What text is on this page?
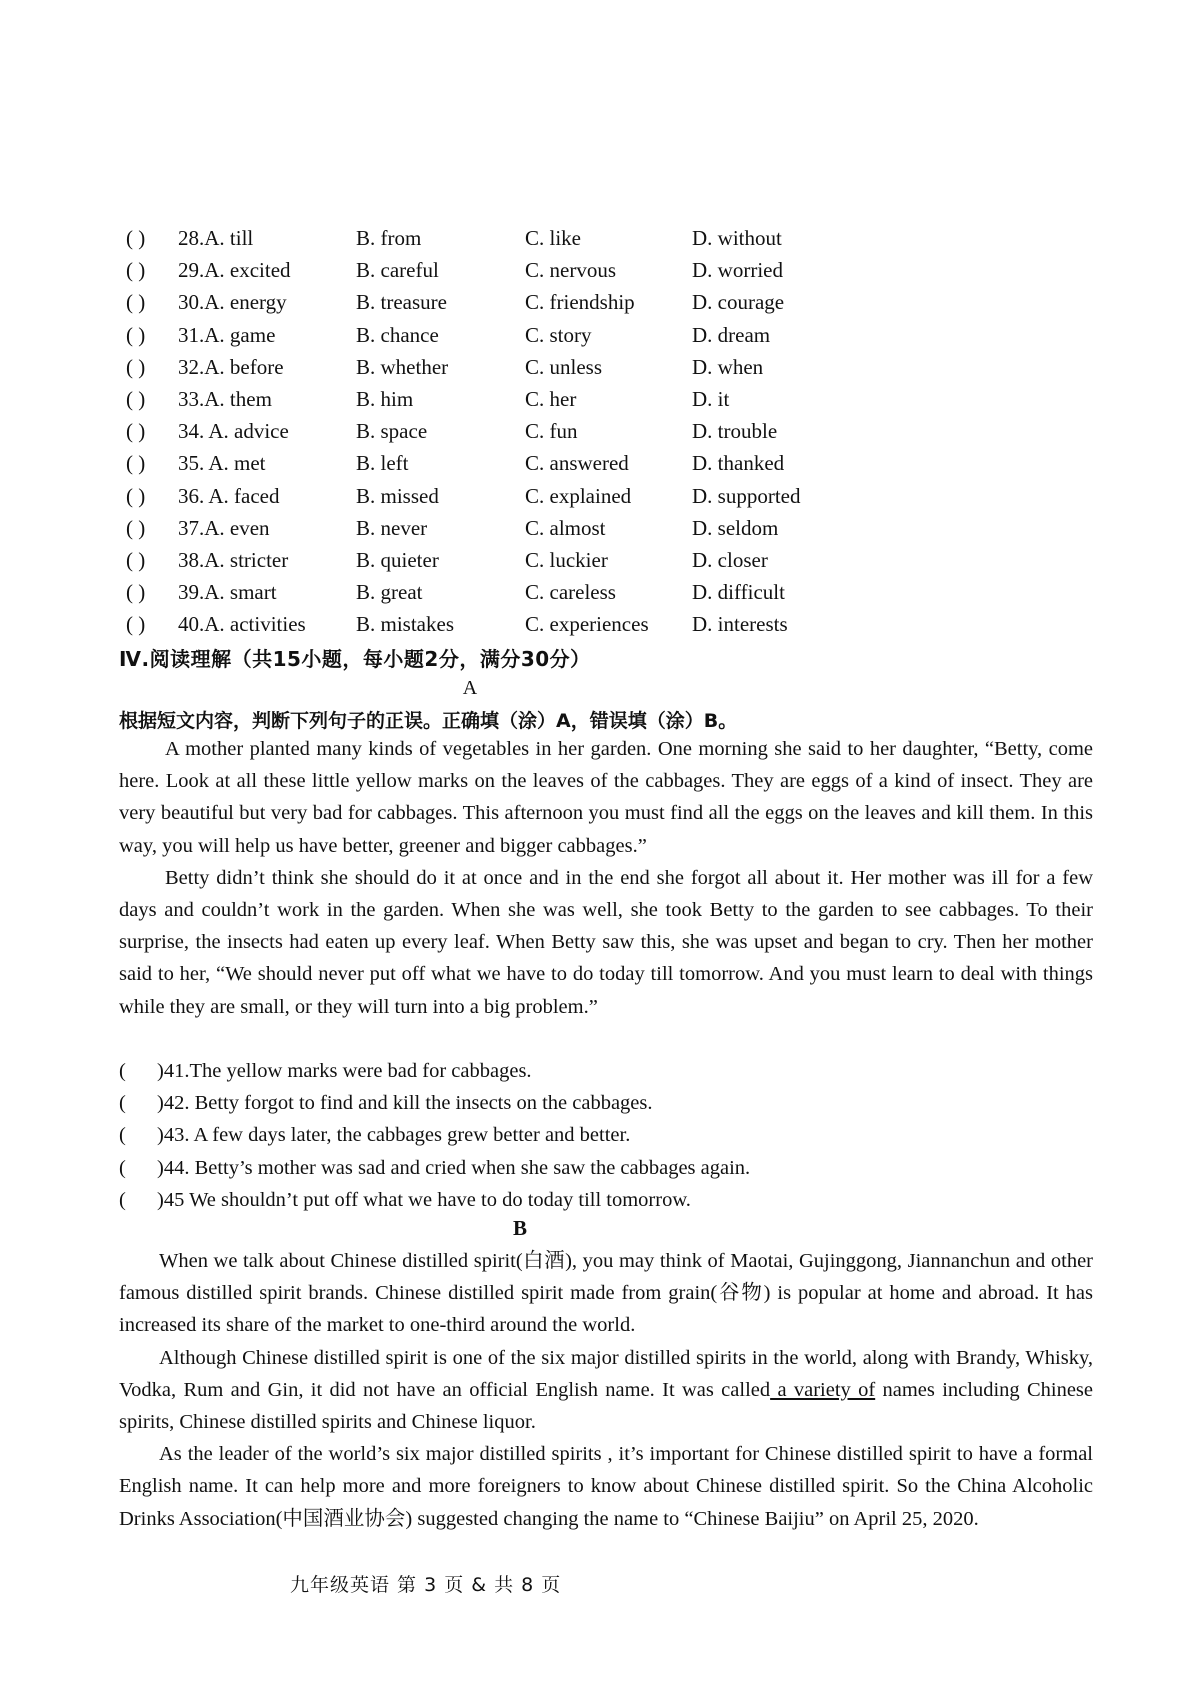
( ) 28.A. till	B. from	C. like	D. without
( ) 29.A. excited	B. careful	C. nervous	D. worried
( ) 30.A. energy	B. treasure	C. friendship	D. courage
( ) 31.A. game	B. chance	C. story	D. dream
( ) 32.A. before	B. whether	C. unless	D. when
( ) 33.A. them	B. him	C. her	D. it
( ) 34. A. advice	B. space	C. fun	D. trouble
( ) 35. A. met	B. left	C. answered	D. thanked
( ) 36. A. faced	B. missed	C. explained	D. supported
( ) 37.A. even	B. never	C. almost	D. seldom
( ) 38.A. stricter	B. quieter	C. luckier	D. closer
( ) 39.A. smart	B. great	C. careless	D. difficult
( ) 40.A. activities B. mistakes	C. experiences D. interests
Ⅳ.阅读理解（共15小题，每小题2分，满分30分）
A
根据短文内容，判断下列句子的正误。正确填（涂）A，错误填（涂）B。

A mother planted many kinds of vegetables in her garden. One morning she said to her daughter, “Betty, come here. Look at all these little yellow marks on the leaves of the cabbages. They are eggs of a kind of insect. They are very beautiful but very bad for cabbages. This afternoon you must find all the eggs on the leaves and kill them. In this way, you will help us have better, greener and bigger cabbages.”

Betty didn’t think she should do it at once and in the end she forgot all about it. Her mother was ill for a few days and couldn’t work in the garden. When she was well, she took Betty to the garden to see cabbages. To their surprise, the insects had eaten up every leaf. When Betty saw this, she was upset and began to cry. Then her mother said to her, “We should never put off what we have to do today till tomorrow. And you must learn to deal with things while they are small, or they will turn into a big problem.”

( )41.The yellow marks were bad for cabbages.
( )42. Betty forgot to find and kill the insects on the cabbages.
( )43. A few days later, the cabbages grew better and better.
( )44. Betty’s mother was sad and cried when she saw the cabbages again.
( )45 We shouldn’t put off what we have to do today till tomorrow.
B

When we talk about Chinese distilled spirit(白酒), you may think of Maotai, Gujinggong, Jiannanchun and other famous distilled spirit brands. Chinese distilled spirit made from grain(谷物) is popular at home and abroad. It has increased its share of the market to one-third around the world.

Although Chinese distilled spirit is one of the six major distilled spirits in the world, along with Brandy, Whisky, Vodka, Rum and Gin, it did not have an official English name. It was called a variety of names including Chinese spirits, Chinese distilled spirits and Chinese liquor.

As the leader of the world’s six major distilled spirits , it’s important for Chinese distilled spirit to have a formal English name. It can help more and more foreigners to know about Chinese distilled spirit. So the China Alcoholic Drinks Association(中国酒业协会) suggested changing the name to “Chinese Baijiu” on April 25, 2020.

九年级英语 第 3 页 & 共 8 页
